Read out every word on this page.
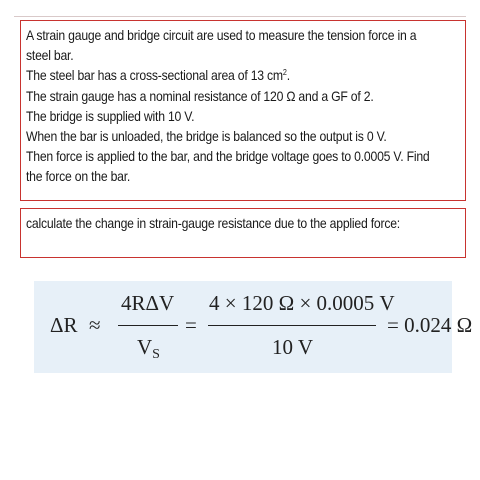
A strain gauge and bridge circuit are used to measure the tension force in a
steel bar.
The steel bar has a cross-sectional area of 13 $cm^2$.
The strain gauge has a nominal resistance of 120 Ω and a GF of 2.
The bridge is supplied with 10 V.
When the bar is unloaded, the bridge is balanced so the output is 0 V.
Then force is applied to the bar, and the bridge voltage goes to 0.0005 V. Find
the force on the bar.
calculate the change in strain-gauge resistance due to the applied force:
ΔR ≈
4RΔV
$V_S$
=
4 × 120 Ω × 0.0005 V
10 V
= 0.024 Ω
